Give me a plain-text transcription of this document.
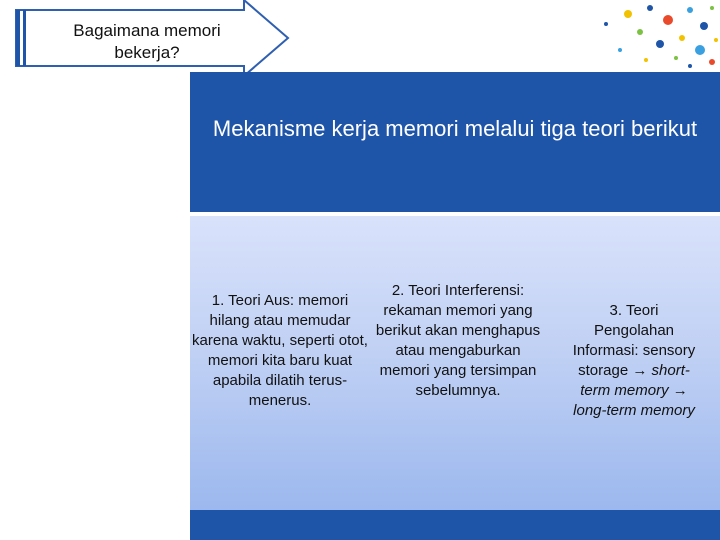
Bagaimana memori bekerja?
Mekanisme kerja memori melalui tiga teori berikut
1. Teori Aus: memori hilang atau memudar karena waktu, seperti otot, memori kita baru kuat apabila dilatih terus-menerus.
2. Teori Interferensi: rekaman memori yang berikut akan menghapus atau mengaburkan memori yang tersimpan sebelumnya.
3. Teori
Pengolahan
Informasi: sensory
storage → short-
term memory →
long-term memory
